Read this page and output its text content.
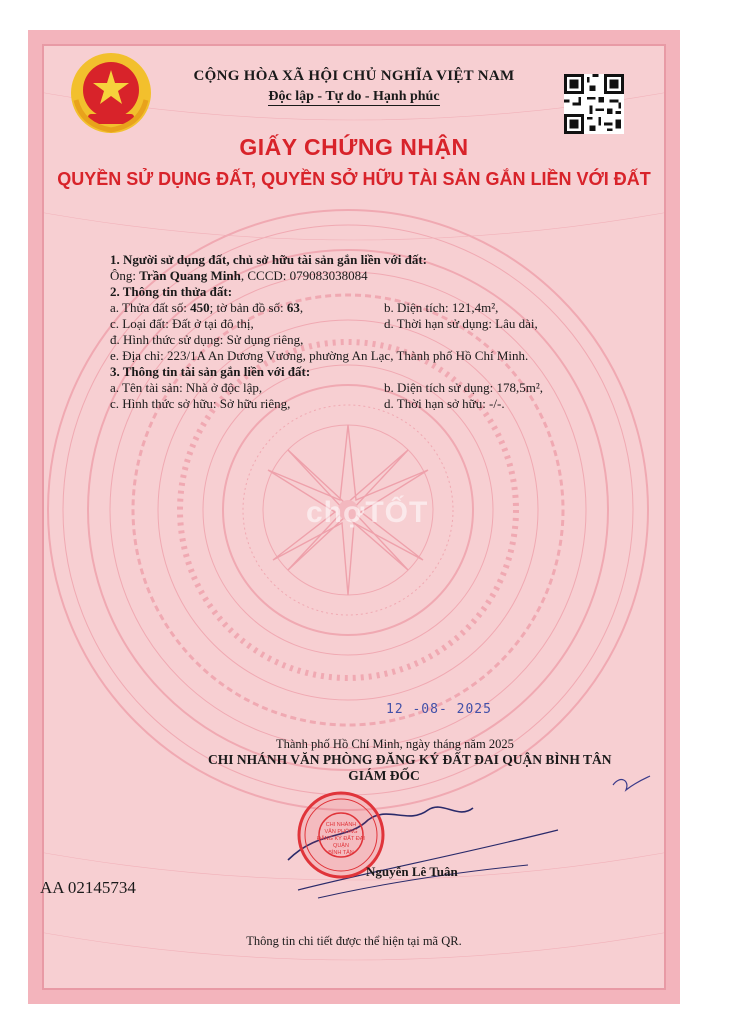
CỘNG HÒA XÃ HỘI CHỦ NGHĨA VIỆT NAM
Độc lập - Tự do - Hạnh phúc
GIẤY CHỨNG NHẬN
QUYỀN SỬ DỤNG ĐẤT, QUYỀN SỞ HỮU TÀI SẢN GẮN LIỀN VỚI ĐẤT
1. Người sử dụng đất, chủ sở hữu tài sản gắn liền với đất:
Ông: Trần Quang Minh, CCCD: 079083038084
2. Thông tin thửa đất:
a. Thửa đất số: 450; tờ bản đồ số: 63,	b. Diện tích: 121,4m²,
c. Loại đất: Đất ở tại đô thị,	d. Thời hạn sử dụng: Lâu dài,
đ. Hình thức sử dụng: Sử dụng riêng,
e. Địa chỉ: 223/1A An Dương Vương, phường An Lạc, Thành phố Hồ Chí Minh.
3. Thông tin tài sản gắn liền với đất:
a. Tên tài sản: Nhà ở độc lập,	b. Diện tích sử dụng: 178,5m²,
c. Hình thức sở hữu: Sở hữu riêng,	d. Thời hạn sở hữu: -/-.
chợTỐT
12 -08- 2025
Thành phố Hồ Chí Minh, ngày tháng năm 2025
CHI NHÁNH VĂN PHÒNG ĐĂNG KÝ ĐẤT ĐAI QUẬN BÌNH TÂN
GIÁM ĐỐC
CHI NHÁNH
VĂN PHÒNG
ĐĂNG KÝ ĐẤT ĐAI
QUẬN
BÌNH TÂN
Nguyễn Lê Tuân
AA 02145734
Thông tin chi tiết được thể hiện tại mã QR.
